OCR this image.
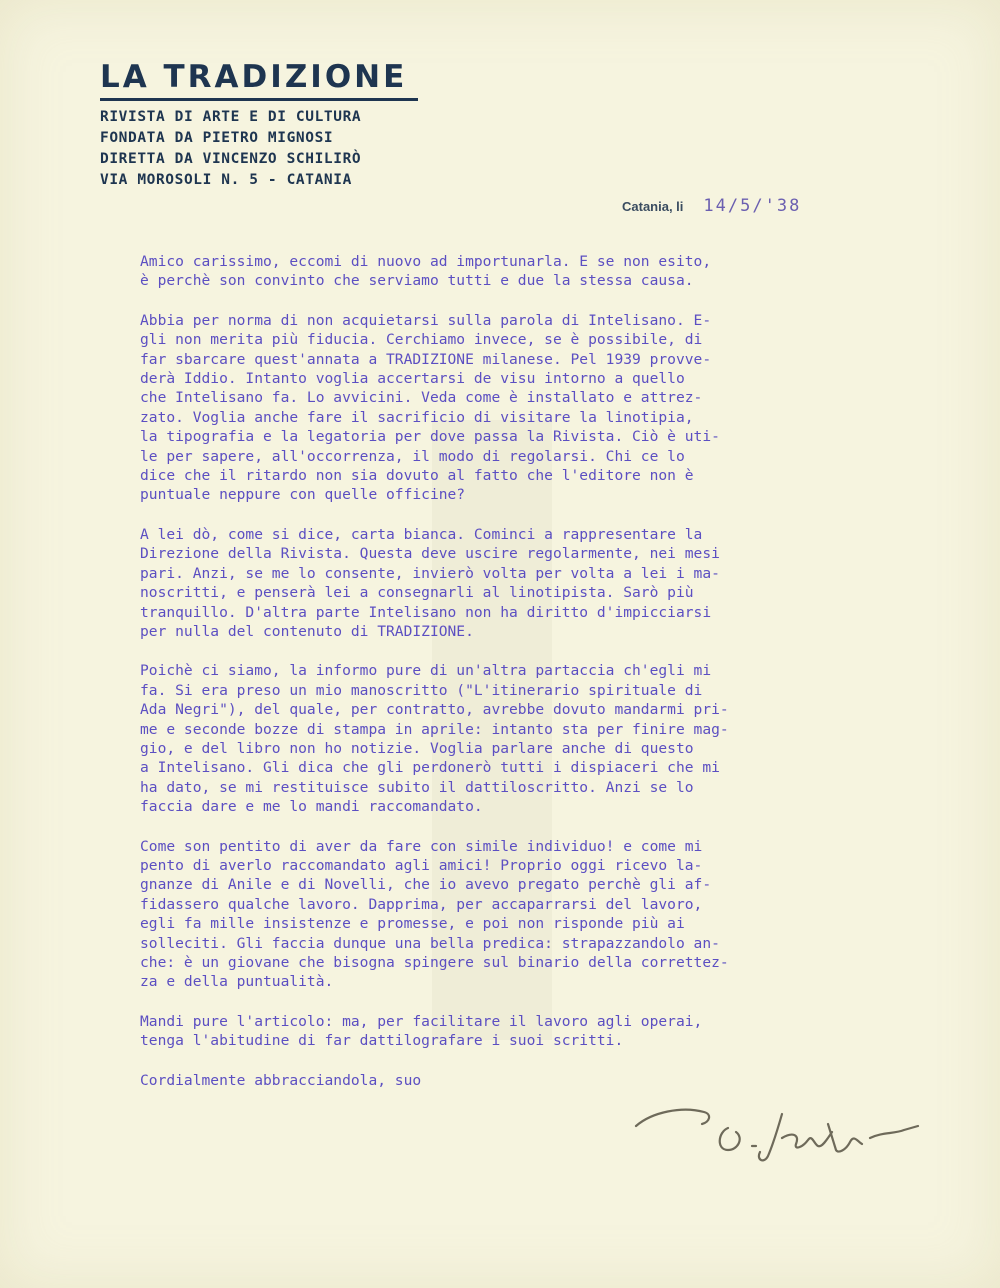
LA TRADIZIONE
RIVISTA DI ARTE E DI CULTURA
FONDATA DA PIETRO MIGNOSI
DIRETTA DA VINCENZO SCHILIRÒ
VIA MOROSOLI N. 5 - CATANIA
Catania, li 14/5/'38
Amico carissimo, eccomi di nuovo ad importunarla. E se non esito,
è perchè son convinto che serviamo tutti e due la stessa causa.
Abbia per norma di non acquietarsi sulla parola di Intelisano. E-
gli non merita più fiducia. Cerchiamo invece, se è possibile, di
far sbarcare quest'annata a TRADIZIONE milanese. Pel 1939 provve-
derà Iddio. Intanto voglia accertarsi de visu intorno a quello
che Intelisano fa. Lo avvicini. Veda come è installato e attrez-
zato. Voglia anche fare il sacrificio di visitare la linotipia,
la tipografia e la legatoria per dove passa la Rivista. Ciò è uti-
le per sapere, all'occorrenza, il modo di regolarsi. Chi ce lo
dice che il ritardo non sia dovuto al fatto che l'editore non è
puntuale neppure con quelle officine?
A lei dò, come si dice, carta bianca. Cominci a rappresentare la
Direzione della Rivista. Questa deve uscire regolarmente, nei mesi
pari. Anzi, se me lo consente, invierò volta per volta a lei i ma-
noscritti, e penserà lei a consegnarli al linotipista. Sarò più
tranquillo. D'altra parte Intelisano non ha diritto d'impicciarsi
per nulla del contenuto di TRADIZIONE.
Poichè ci siamo, la informo pure di un'altra partaccia ch'egli mi
fa. Si era preso un mio manoscritto ("L'itinerario spirituale di
Ada Negri"), del quale, per contratto, avrebbe dovuto mandarmi pri-
me e seconde bozze di stampa in aprile: intanto sta per finire mag-
gio, e del libro non ho notizie. Voglia parlare anche di questo
a Intelisano. Gli dica che gli perdonerò tutti i dispiaceri che mi
ha dato, se mi restituisce subito il dattiloscritto. Anzi se lo
faccia dare e me lo mandi raccomandato.
Come son pentito di aver da fare con simile individuo! e come mi
pento di averlo raccomandato agli amici! Proprio oggi ricevo la-
gnanze di Anile e di Novelli, che io avevo pregato perchè gli af-
fidassero qualche lavoro. Dapprima, per accaparrarsi del lavoro,
egli fa mille insistenze e promesse, e poi non risponde più ai
solleciti. Gli faccia dunque una bella predica: strapazzandolo an-
che: è un giovane che bisogna spingere sul binario della correttez-
za e della puntualità.
Mandi pure l'articolo: ma, per facilitare il lavoro agli operai,
tenga l'abitudine di far dattilografare i suoi scritti.
Cordialmente abbracciandola, suo
